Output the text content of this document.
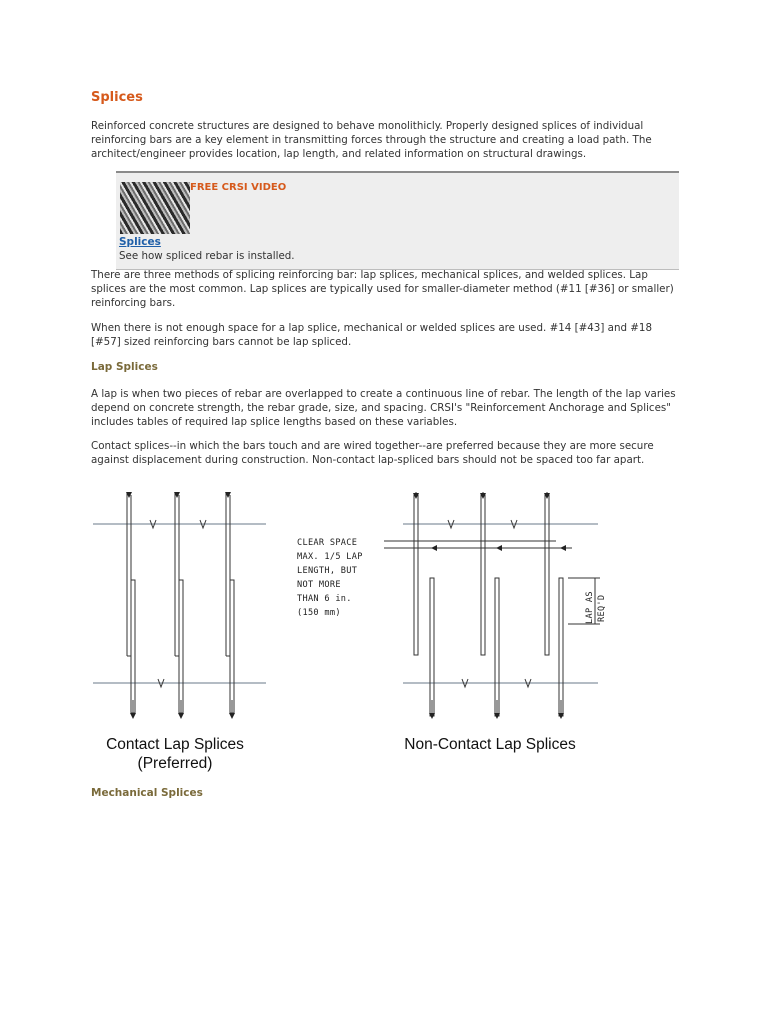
Splices

Reinforced concrete structures are designed to behave monolithicly. Properly designed splices of individual reinforcing bars are a key element in transmitting forces through the structure and creating a load path. The architect/engineer provides location, lap length, and related information on structural drawings.

FREE CRSI VIDEO
Splices
See how spliced rebar is installed.

There are three methods of splicing reinforcing bar: lap splices, mechanical splices, and welded splices. Lap splices are the most common. Lap splices are typically used for smaller-diameter method (#11 [#36] or smaller) reinforcing bars.

When there is not enough space for a lap splice, mechanical or welded splices are used. #14 [#43] and #18 [#57] sized reinforcing bars cannot be lap spliced.

Lap Splices

A lap is when two pieces of rebar are overlapped to create a continuous line of rebar. The length of the lap varies depend on concrete strength, the rebar grade, size, and spacing. CRSI's "Reinforcement Anchorage and Splices" includes tables of required lap splice lengths based on these variables.

Contact splices--in which the bars touch and are wired together--are preferred because they are more secure against displacement during construction. Non-contact lap-spliced bars should not be spaced too far apart.

CLEAR SPACE
MAX. 1/5 LAP
LENGTH, BUT
NOT MORE
THAN 6 in.
(150 mm)	LAP AS REQ'D
Contact Lap Splices
(Preferred)
Non-Contact Lap Splices
Mechanical Splices
